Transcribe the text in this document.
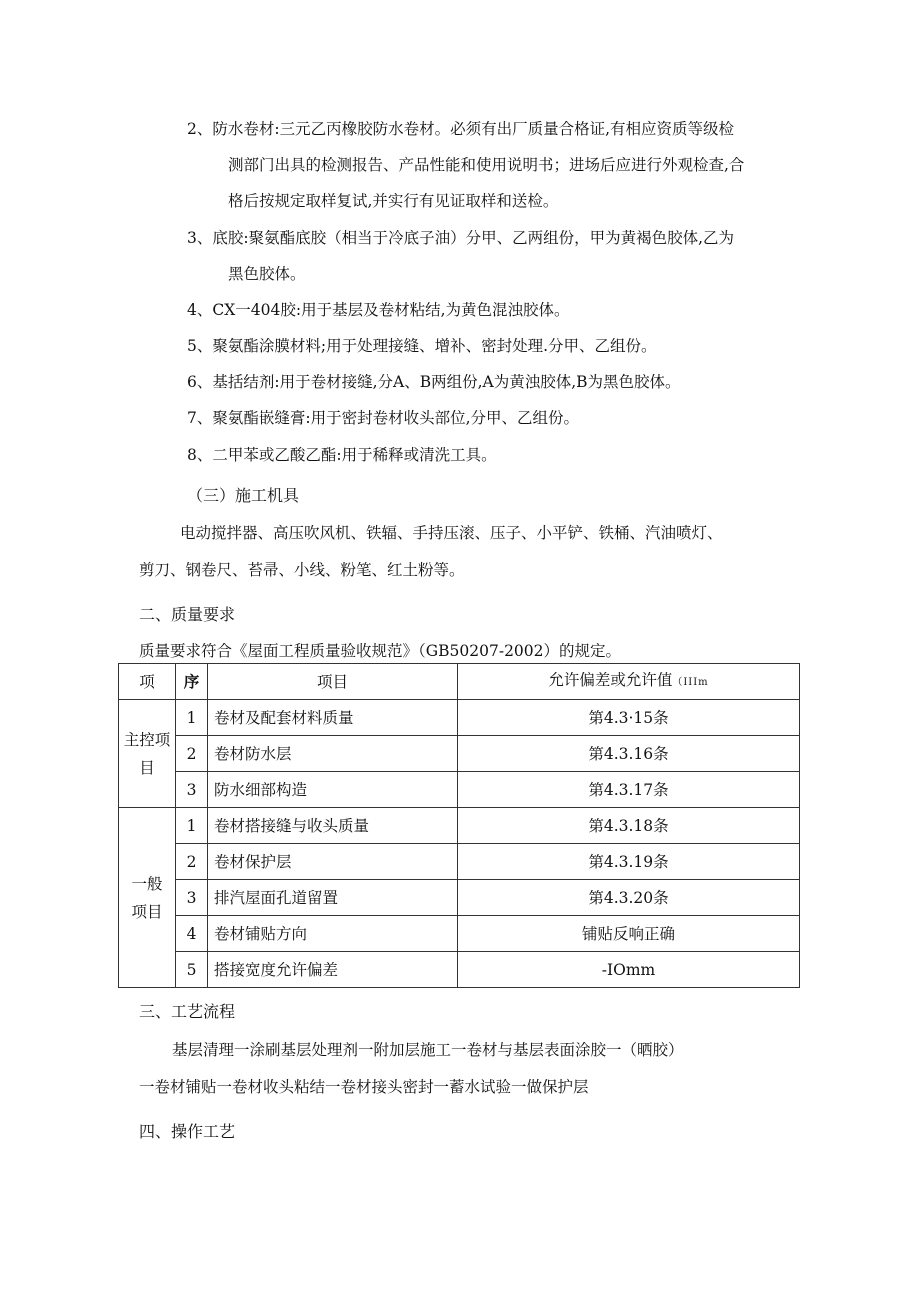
2、防水卷材:三元乙丙橡胶防水卷材。必须有出厂质量合格证,有相应资质等级检
测部门出具的检测报告、产品性能和使用说明书；进场后应进行外观检查,合
格后按规定取样复试,并实行有见证取样和送检。
3、底胶:聚氨酯底胶（相当于冷底子油）分甲、乙两组份，甲为黄褐色胶体,乙为
黑色胶体。
4、CX一404胶:用于基层及卷材粘结,为黄色混浊胶体。
5、聚氨酯涂膜材料;用于处理接缝、增补、密封处理.分甲、乙组份。
6、基括结剂:用于卷材接缝,分A、B两组份,A为黄浊胶体,B为黑色胶体。
7、聚氨酯嵌缝膏:用于密封卷材收头部位,分甲、乙组份。
8、二甲苯或乙酸乙酯:用于稀释或清洗工具。
（三）施工机具
电动搅拌器、高压吹风机、铁辐、手持压滚、压子、小平铲、铁桶、汽油喷灯、
剪刀、钢卷尺、苔帚、小线、粉笔、红土粉等。
二、质量要求
质量要求符合《屋面工程质量验收规范》（GB50207-2002）的规定。
项	序	项目	允许偏差或允许值（IIIm
主控项
目	1	卷材及配套材料质量	第4.3·15条
	2	卷材防水层	第4.3.16条
	3	防水细部构造	第4.3.17条
一般
项目	1	卷材搭接缝与收头质量	第4.3.18条
	2	卷材保护层	第4.3.19条
	3	排汽屋面孔道留置	第4.3.20条
	4	卷材铺贴方向	铺贴反响正确
	5	搭接宽度允许偏差	-IOmm
三、工艺流程
基层清理一涂刷基层处理剂一附加层施工一卷材与基层表面涂胶一（晒胶）
一卷材铺贴一卷材收头粘结一卷材接头密封一蓄水试验一做保护层
四、操作工艺
